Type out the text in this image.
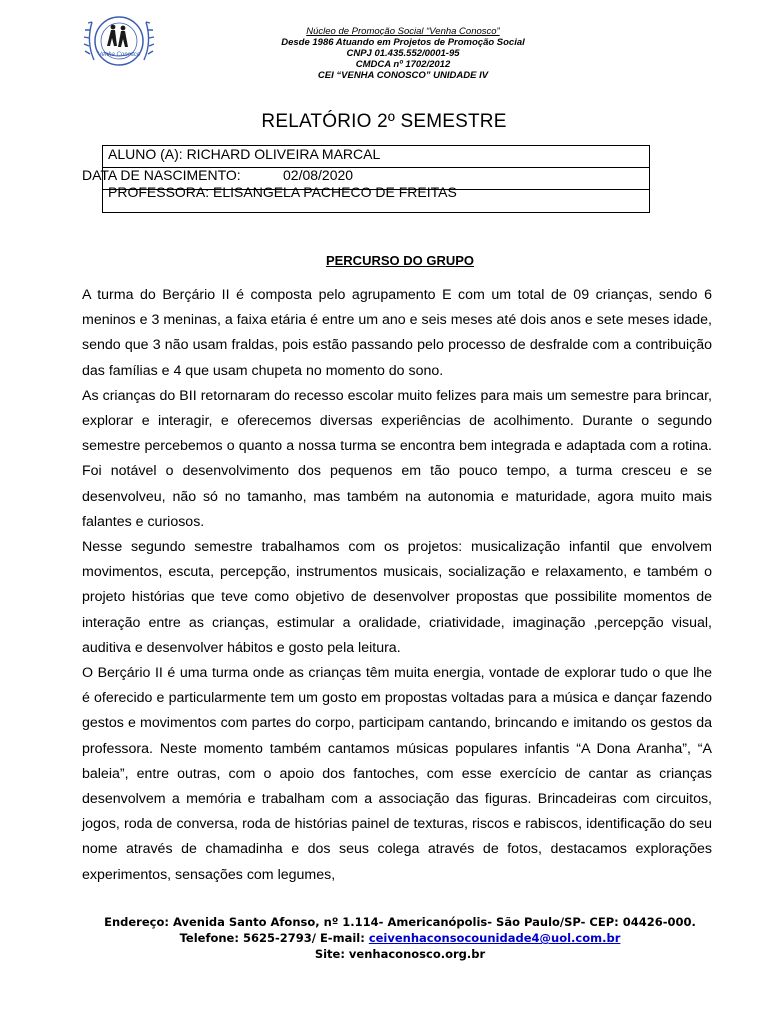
Venha Conosco
Núcleo de Promoção Social “Venha Conosco”
Desde 1986 Atuando em Projetos de Promoção Social
CNPJ 01.435.552/0001-95
CMDCA nº 1702/2012
CEI “VENHA CONOSCO” UNIDADE IV
RELATÓRIO 2º SEMESTRE
ALUNO (A): RICHARD OLIVEIRA MARCAL
PROFESSORA: ELISANGELA PACHECO DE FREITAS
DATA DE NASCIMENTO:	02/08/2020
PERCURSO DO GRUPO

A turma do Berçário II é composta pelo agrupamento E com um total de 09 crianças, sendo 6 meninos e 3 meninas, a faixa etária é entre um ano e seis meses até dois anos e sete meses idade, sendo que 3 não usam fraldas, pois estão passando pelo processo de desfralde com a contribuição das famílias e 4 que usam chupeta no momento do sono.

As crianças do BII retornaram do recesso escolar muito felizes para mais um semestre para brincar, explorar e interagir, e oferecemos diversas experiências de acolhimento. Durante o segundo semestre percebemos o quanto a nossa turma se encontra bem integrada e adaptada com a rotina. Foi notável o desenvolvimento dos pequenos em tão pouco tempo, a turma cresceu e se desenvolveu, não só no tamanho, mas também na autonomia e maturidade, agora muito mais falantes e curiosos.

Nesse segundo semestre trabalhamos com os projetos: musicalização infantil que envolvem movimentos, escuta, percepção, instrumentos musicais, socialização e relaxamento, e também o projeto histórias que teve como objetivo de desenvolver propostas que possibilite momentos de interação entre as crianças, estimular a oralidade, criatividade, imaginação ,percepção visual, auditiva e desenvolver hábitos e gosto pela leitura.

O Berçário II é uma turma onde as crianças têm muita energia, vontade de explorar tudo o que lhe é oferecido e particularmente tem um gosto em propostas voltadas para a música e dançar fazendo gestos e movimentos com partes do corpo, participam cantando, brincando e imitando os gestos da professora. Neste momento também cantamos músicas populares infantis “A Dona Aranha”, “A baleia”, entre outras, com o apoio dos fantoches, com esse exercício de cantar as crianças desenvolvem a memória e trabalham com a associação das figuras. Brincadeiras com circuitos, jogos, roda de conversa, roda de histórias painel de texturas, riscos e rabiscos, identificação do seu nome através de chamadinha e dos seus colega através de fotos, destacamos explorações experimentos, sensações com legumes,

Endereço: Avenida Santo Afonso, nº 1.114- Americanópolis- São Paulo/SP- CEP: 04426-000.
Telefone: 5625-2793/ E-mail: ceivenhaconsocounidade4@uol.com.br
Site: venhaconosco.org.br
